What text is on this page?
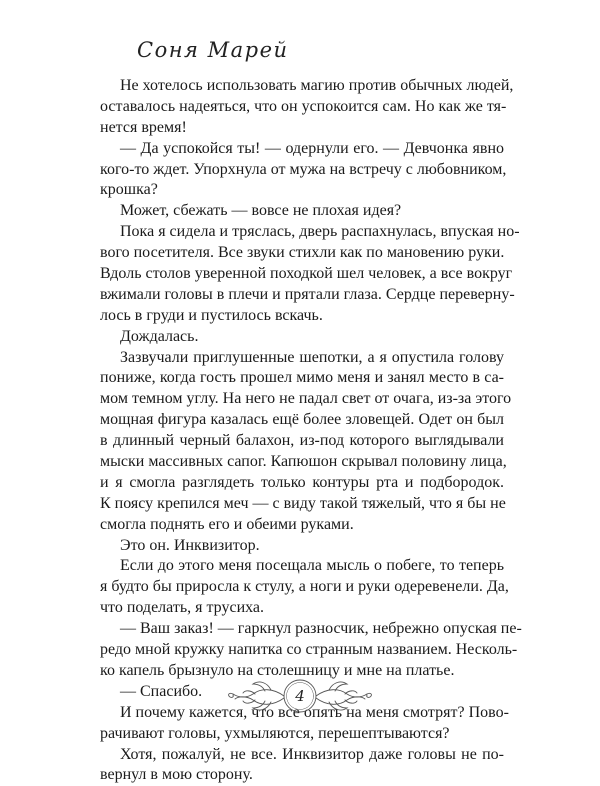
Соня Марей
Не хотелось использовать магию против обычных людей,
оставалось надеяться, что он успокоится сам. Но как же тя-
нется время!
— Да успокойся ты! — одернули его. — Девчонка явно
кого-то ждет. Упорхнула от мужа на встречу с любовником,
крошка?
Может, сбежать — вовсе не плохая идея?
Пока я сидела и тряслась, дверь распахнулась, впуская но-
вого посетителя. Все звуки стихли как по мановению руки.
Вдоль столов уверенной походкой шел человек, а все вокруг
вжимали головы в плечи и прятали глаза. Сердце переверну-
лось в груди и пустилось вскачь.
Дождалась.
Зазвучали приглушенные шепотки, а я опустила голову
пониже, когда гость прошел мимо меня и занял место в са-
мом темном углу. На него не падал свет от очага, из-за этого
мощная фигура казалась ещё более зловещей. Одет он был
в длинный черный балахон, из-под которого выглядывали
мыски массивных сапог. Капюшон скрывал половину лица,
и я смогла разглядеть только контуры рта и подбородок.
К поясу крепился меч — с виду такой тяжелый, что я бы не
смогла поднять его и обеими руками.
Это он. Инквизитор.
Если до этого меня посещала мысль о побеге, то теперь
я будто бы приросла к стулу, а ноги и руки одеревенели. Да,
что поделать, я трусиха.
— Ваш заказ! — гаркнул разносчик, небрежно опуская пе-
редо мной кружку напитка со странным названием. Несколь-
ко капель брызнуло на столешницу и мне на платье.
— Спасибо.
И почему кажется, что все опять на меня смотрят? Пово-
рачивают головы, ухмыляются, перешептываются?
Хотя, пожалуй, не все. Инквизитор даже головы не по-
вернул в мою сторону.
4
